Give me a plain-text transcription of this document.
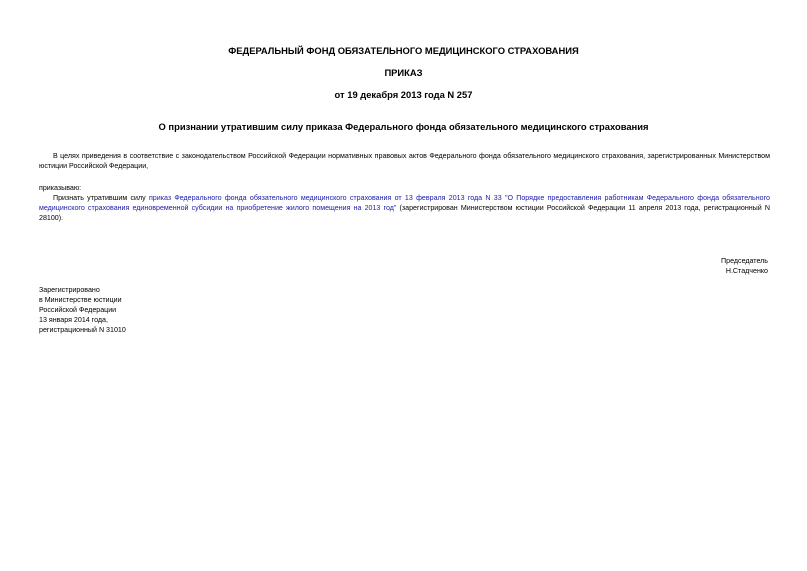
ФЕДЕРАЛЬНЫЙ ФОНД ОБЯЗАТЕЛЬНОГО МЕДИЦИНСКОГО СТРАХОВАНИЯ
ПРИКАЗ
от 19 декабря 2013 года N 257
О признании утратившим силу приказа Федерального фонда обязательного медицинского страхования
В целях приведения в соответствие с законодательством Российской Федерации нормативных правовых актов Федерального фонда обязательного медицинского страхования, зарегистрированных Министерством юстиции Российской Федерации,
приказываю:
Признать утратившим силу приказ Федерального фонда обязательного медицинского страхования от 13 февраля 2013 года N 33 "О Порядке предоставления работникам Федерального фонда обязательного медицинского страхования единовременной субсидии на приобретение жилого помещения на 2013 год" (зарегистрирован Министерством юстиции Российской Федерации 11 апреля 2013 года, регистрационный N 28100).
Председатель
Н.Стадченко
Зарегистрировано
в Министерстве юстиции
Российской Федерации
13 января 2014 года,
регистрационный N 31010
